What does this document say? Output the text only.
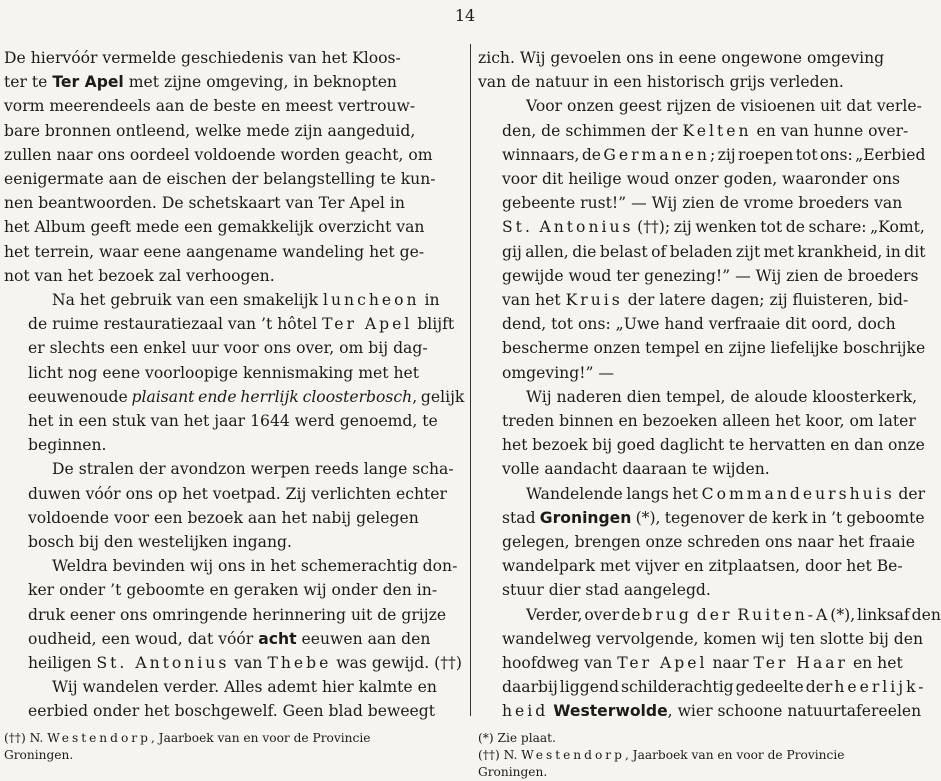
14
De hiervóór vermelde geschiedenis van het Kloos-
ter te Ter Apel met zijne omgeving, in beknopten
vorm meerendeels aan de beste en meest vertrouw-
bare bronnen ontleend, welke mede zijn aangeduid,
zullen naar ons oordeel voldoende worden geacht, om
eenigermate aan de eischen der belangstelling te kun-
nen beantwoorden. De schetskaart van Ter Apel in
het Album geeft mede een gemakkelijk overzicht van
het terrein, waar eene aangename wandeling het ge-
not van het bezoek zal verhoogen.
Na het gebruik van een smakelijk luncheon in
de ruime restauratiezaal van ’t hôtel Ter Apel blijft
er slechts een enkel uur voor ons over, om bij dag-
licht nog eene voorloopige kennismaking met het
eeuwenoude plaisant ende herrlijk cloosterbosch, gelijk
het in een stuk van het jaar 1644 werd genoemd, te
beginnen.
De stralen der avondzon werpen reeds lange scha-
duwen vóór ons op het voetpad. Zij verlichten echter
voldoende voor een bezoek aan het nabij gelegen
bosch bij den westelijken ingang.
Weldra bevinden wij ons in het schemerachtig don-
ker onder ’t geboomte en geraken wij onder den in-
druk eener ons omringende herinnering uit de grijze
oudheid, een woud, dat vóór acht eeuwen aan den
heiligen St. Antonius van Thebe was gewijd. (††)
Wij wandelen verder. Alles ademt hier kalmte en
eerbied onder het boschgewelf. Geen blad beweegt
(††) N. Westendorp, Jaarboek van en voor de Provincie
Groningen.
zich. Wij gevoelen ons in eene ongewone omgeving
van de natuur in een historisch grijs verleden.
Voor onzen geest rijzen de visioenen uit dat verle-
den, de schimmen der Kelten en van hunne over-
winnaars, de Germanen; zij roepen tot ons: „Eerbied
voor dit heilige woud onzer goden, waaronder ons
gebeente rust!” — Wij zien de vrome broeders van
St. Antonius (††); zij wenken tot de schare: „Komt,
gij allen, die belast of beladen zijt met krankheid, in dit
gewijde woud ter genezing!” — Wij zien de broeders
van het Kruis der latere dagen; zij fluisteren, bid-
dend, tot ons: „Uwe hand verfraaie dit oord, doch
bescherme onzen tempel en zijne liefelijke boschrijke
omgeving!” —
Wij naderen dien tempel, de aloude kloosterkerk,
treden binnen en bezoeken alleen het koor, om later
het bezoek bij goed daglicht te hervatten en dan onze
volle aandacht daaraan te wijden.
Wandelende langs het Commandeurshuis der
stad Groningen (*), tegenover de kerk in ’t geboomte
gelegen, brengen onze schreden ons naar het fraaie
wandelpark met vijver en zitplaatsen, door het Be-
stuur dier stad aangelegd.
Verder, over de brug der Ruiten-A(*), linksaf den
wandelweg vervolgende, komen wij ten slotte bij den
hoofdweg van Ter Apel naar Ter Haar en het
daarbij liggend schilderachtig gedeelte der heerlijk-
heid Westerwolde, wier schoone natuurtafereelen
(*) Zie plaat.
(††) N. Westendorp, Jaarboek van en voor de Provincie
Groningen.
